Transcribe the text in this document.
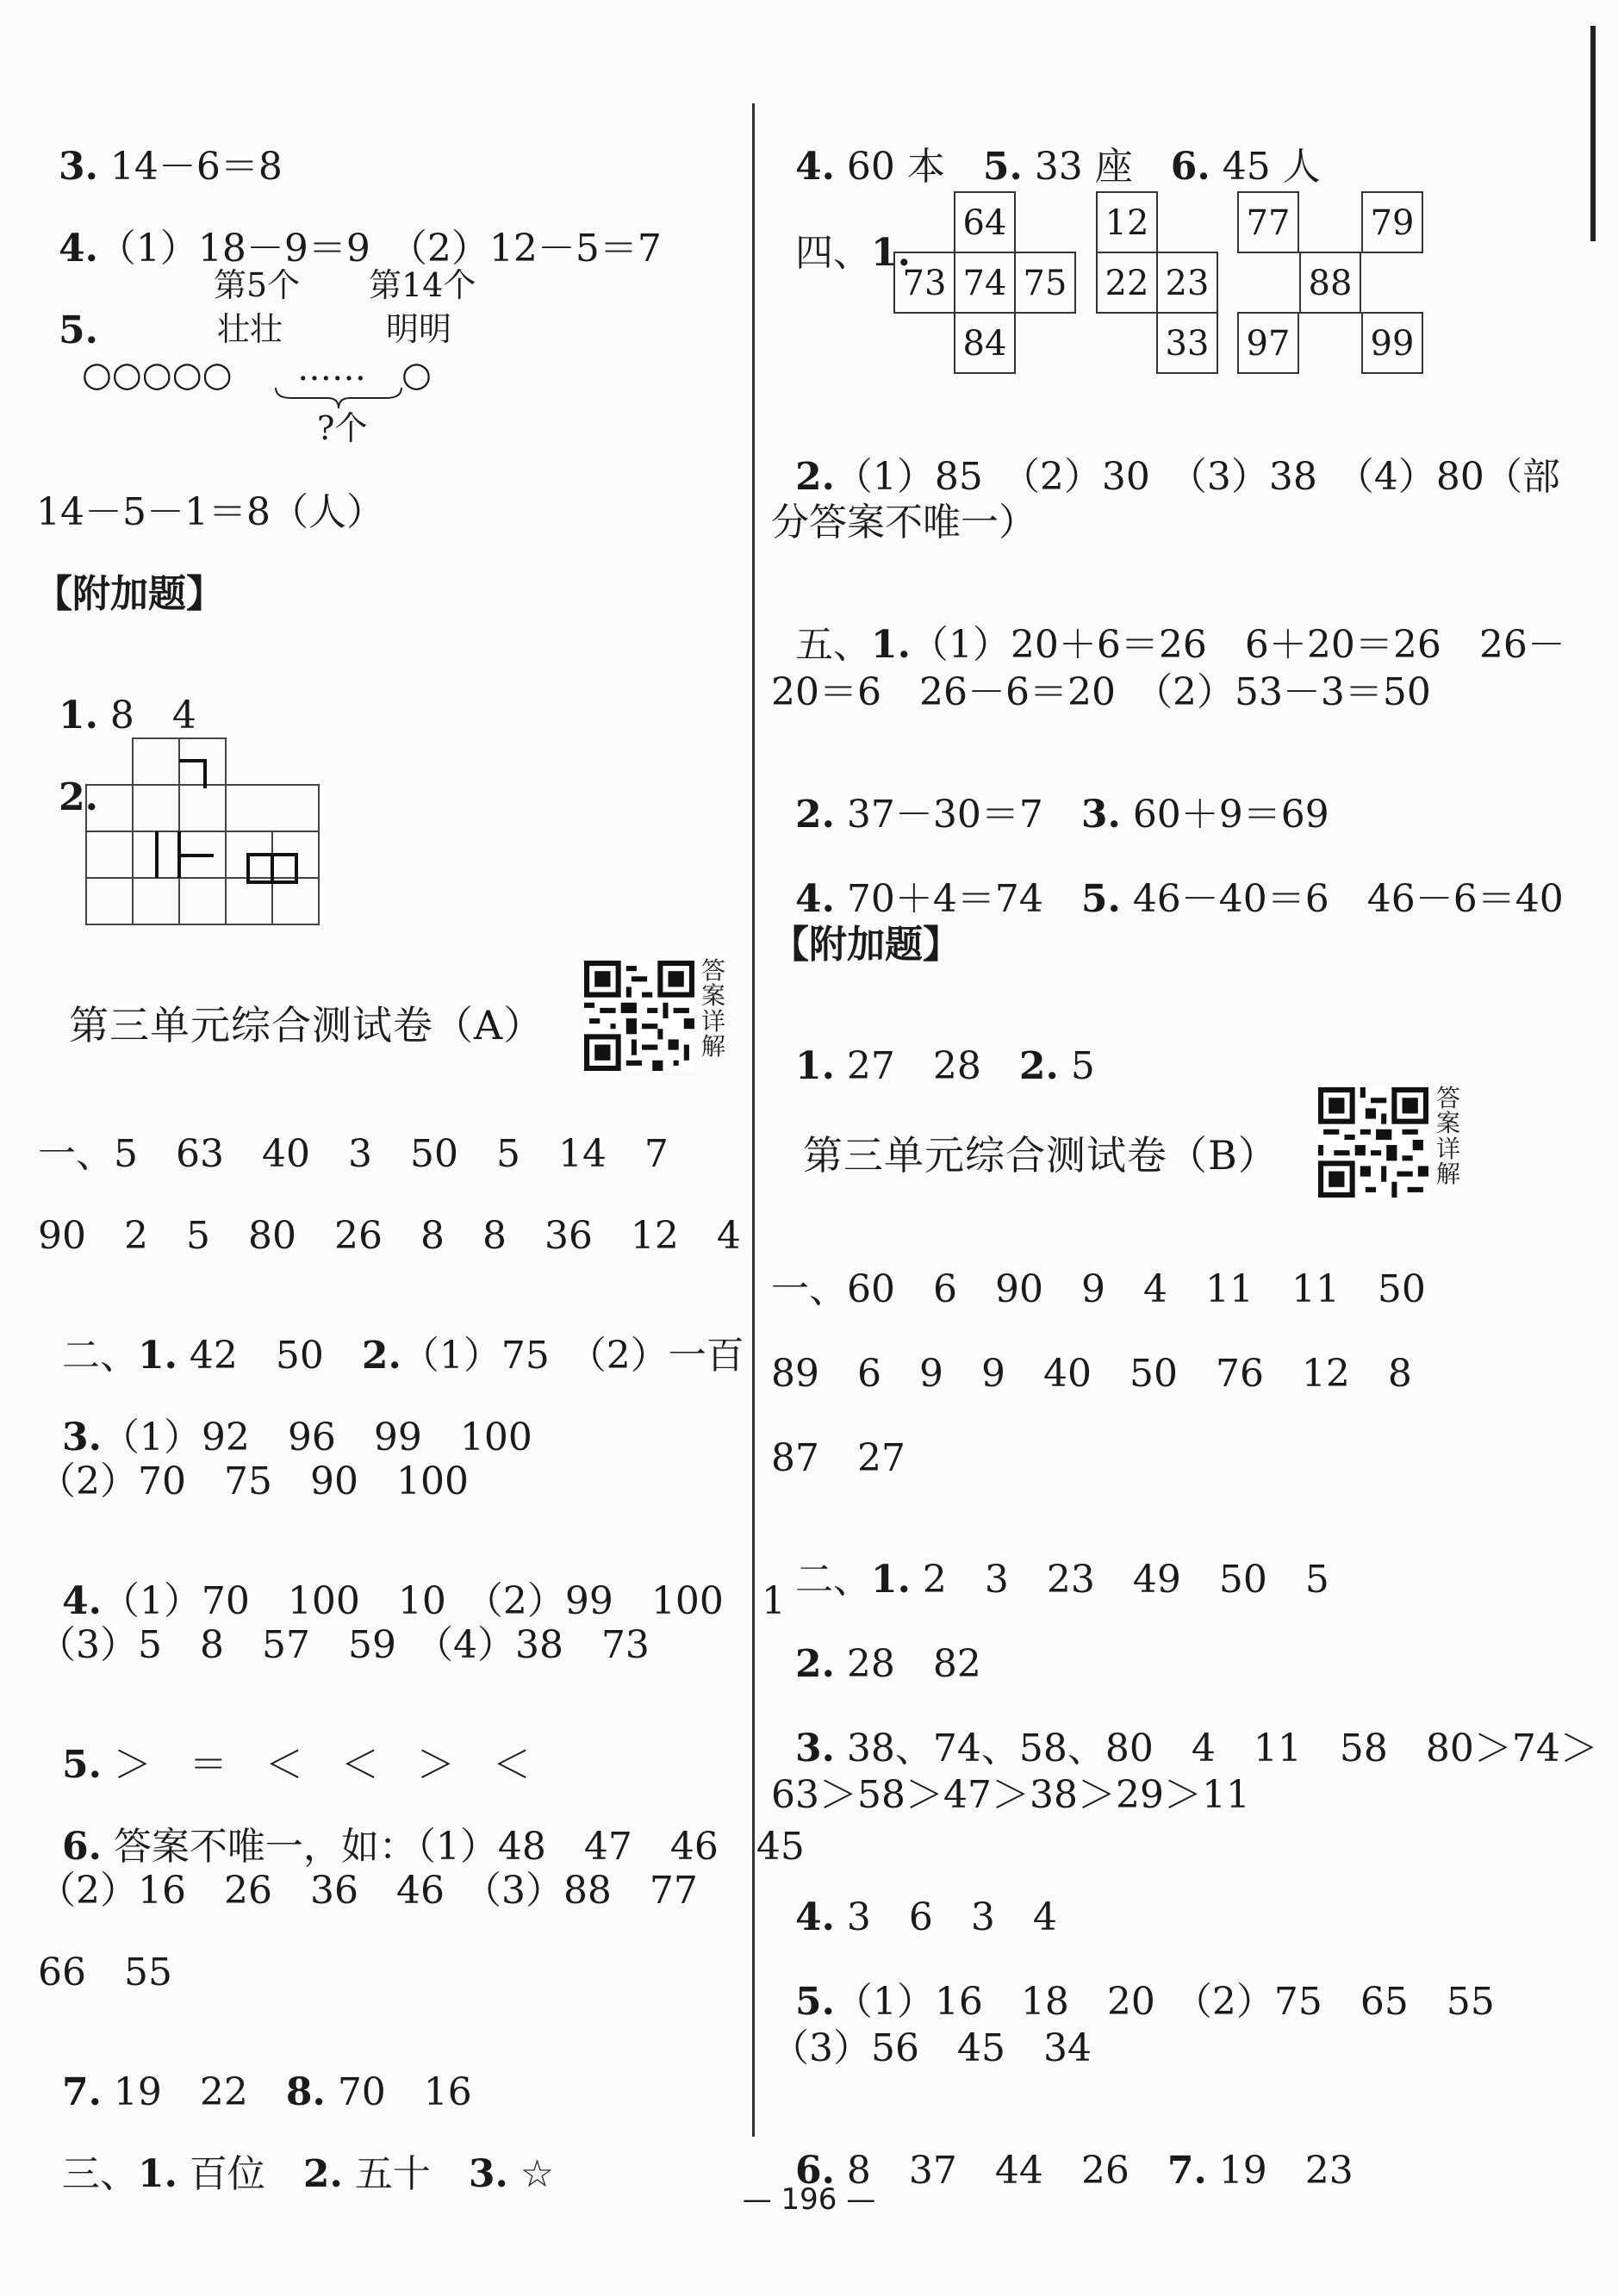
3. 14－6＝8

4.（1）18－9＝9　（2）12－5＝7

5.

第5个
壮壮
第14个
明明
○○○○○ …… ○
?个
14－5－1＝8（人）
【附加题】

1. 8　4

2.

第三单元综合测试卷（A）
答案详解
一、5　63　40　3　50　5　14　7
90　2　5　80　26　8　8　36　12　4

二、1. 42　50　2.（1）75　（2）一百

3.（1）92　96　99　100

（2）70　75　90　100

4.（1）70　100　10　（2）99　100　1

（3）5　8　57　59　（4）38　73

5. ＞　＝　＜　＜　＞　＜

6. 答案不唯一，如：（1）48　47　46　45

（2）16　26　36　46　（3）88　77
66　55

7. 19　22　8. 70　16

三、1. 百位　2. 五十　3. ☆

4. 60 本　5. 33 座　6. 45 人

四、1.

64
73 74 75
84
12
22 23
33
77 79
88
97 99

2.（1）85　（2）30　（3）38　（4）80（部

分答案不唯一）

五、1.（1）20＋6＝26　6＋20＝26　26－

20＝6　26－6＝20　（2）53－3＝50

2. 37－30＝7　3. 60＋9＝69

4. 70＋4＝74　5. 46－40＝6　46－6＝40

【附加题】

1. 27　28　2. 5

第三单元综合测试卷（B）
答案详解
一、60　6　90　9　4　11　11　50
89　6　9　9　40　50　76　12　8
87　27

二、1. 2　3　23　49　50　5

2. 28　82

3. 38、74、58、80　4　11　58　80＞74＞

63＞58＞47＞38＞29＞11

4. 3　6　3　4

5.（1）16　18　20　（2）75　65　55

（3）56　45　34

6. 8　37　44　26　7. 19　23

— 196 —
